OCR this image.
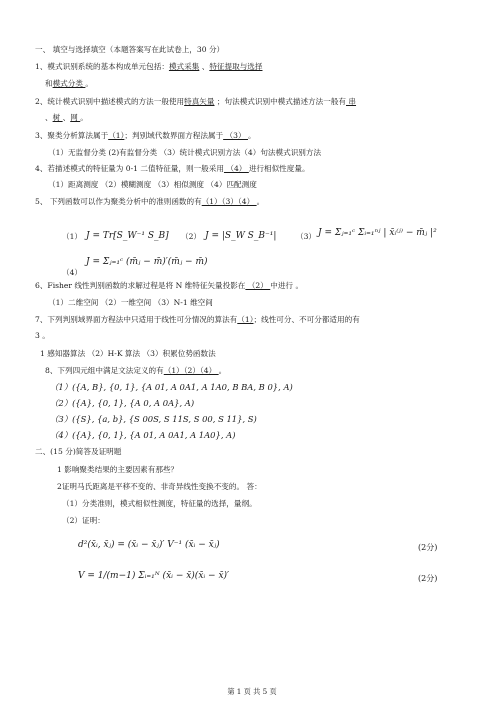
一、 填空与选择填空（本题答案写在此试卷上，30 分）
1、模式识别系统的基本构成单元包括：模式采集 、特征提取与选择
和模式分类 。
2、统计模式识别中描述模式的方法一般使用特真矢量 ；句法模式识别中模式描述方法一般有 串
、树 、网 。
3、聚类分析算法属于（1）；判别域代数界面方程法属于 （3） 。
（1）无监督分类 (2)有监督分类 （3）统计模式识别方法（4）句法模式识别方法
4、若描述模式的特征量为 0-1 二值特征量，则一般采用 （4） 进行相似性度量。
（1）距离测度 （2）模糊测度 （3）相似测度 （4）匹配测度
5、 下列函数可以作为聚类分析中的准则函数的有（1）（3）（4） 。
（1）	（2）	（3）
（4）
6、Fisher 线性判别函数的求解过程是将 N 维特征矢量投影在 （2） 中进行 。
（1）二维空间 （2）一维空间 （3）N-1 维空间
7、下列判别域界面方程法中只适用于线性可分情况的算法有（1）；线性可分、不可分都适用的有
3 。
1 感知器算法 （2）H-K 算法 （3）积累位势函数法
8、下列四元组中满足文法定义的有（1）（2）（4） 。
（1）({A, B}, {0, 1}, {A 01, A 0A1, A 1A0, B BA, B 0}, A)
（2）({A}, {0, 1}, {A 0, A 0A}, A)
（3）({S}, {a, b}, {S 00S, S 11S, S 00, S 11}, S)
（4）({A}, {0, 1}, {A 01, A 0A1, A 1A0}, A)
二、(15 分)简答及证明题
1 影响聚类结果的主要因素有那些？
2证明马氏距离是平移不变的、非奇异线性变换不变的。 答：
（1）分类准则，模式相似性测度，特征量的选择，量纲。
（2）证明：
J = Tr[S_W⁻¹ S_B]	J = |S_W S_B⁻¹|	J = Σⱼ₌₁ᶜ Σᵢ₌₁ⁿʲ | x̄ᵢ⁽ʲ⁾ − m̄ⱼ |²
J = Σⱼ₌₁ᶜ (m̄ⱼ − m̄)′(m̄ⱼ − m̄)
d²(x̄ᵢ, x̄ⱼ) = (x̄ᵢ − x̄ⱼ)′ V⁻¹ (x̄ᵢ − x̄ⱼ)
V = 1/(m−1) Σᵢ₌₁ᴺ (x̄ᵢ − x̄)(x̄ᵢ − x̄)′
(2分)
(2分)
第 1 页 共 5 页
